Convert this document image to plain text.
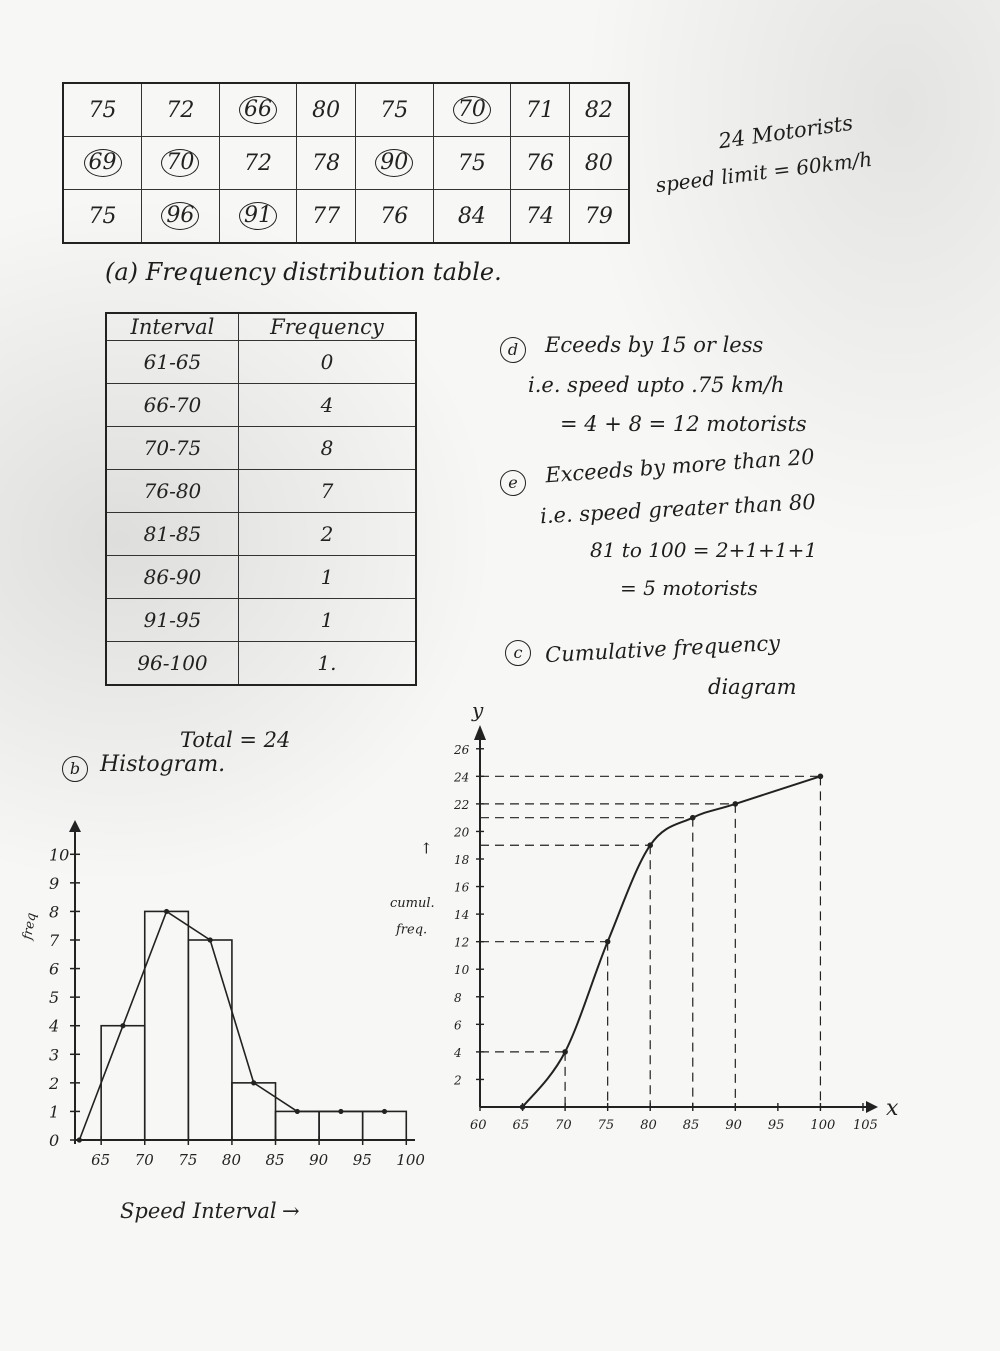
75	72	66	80	75	70	71	82
69	70	72	78	90	75	76	80
75	96	91	77	76	84	74	79
24 Motorists
speed limit = 60km/h
(a) Frequency distribution table.
Interval	Frequency
61-65	0
66-70	4
70-75	8
76-80	7
81-85	2
86-90	1
91-95	1
96-100	1.
Total = 24
d	Eceeds by 15 or less
i.e. speed upto .75 km/h
= 4 + 8 = 12 motorists
e	Exceeds by more than 20
i.e. speed greater than 80
81 to 100 = 2+1+1+1
= 5 motorists
c	Cumulative frequency
diagram
b Histogram.
0
1
2
3
4
5
6
7
8
9
10
65 70 75 80 85 90 95 100
freq
Speed Interval →
y
x
2
4
6
8
10
12
14
16
18
20
22
24
26
60 65 70 75 80 85 90 95 100 105
cumul.
freq.
↑
